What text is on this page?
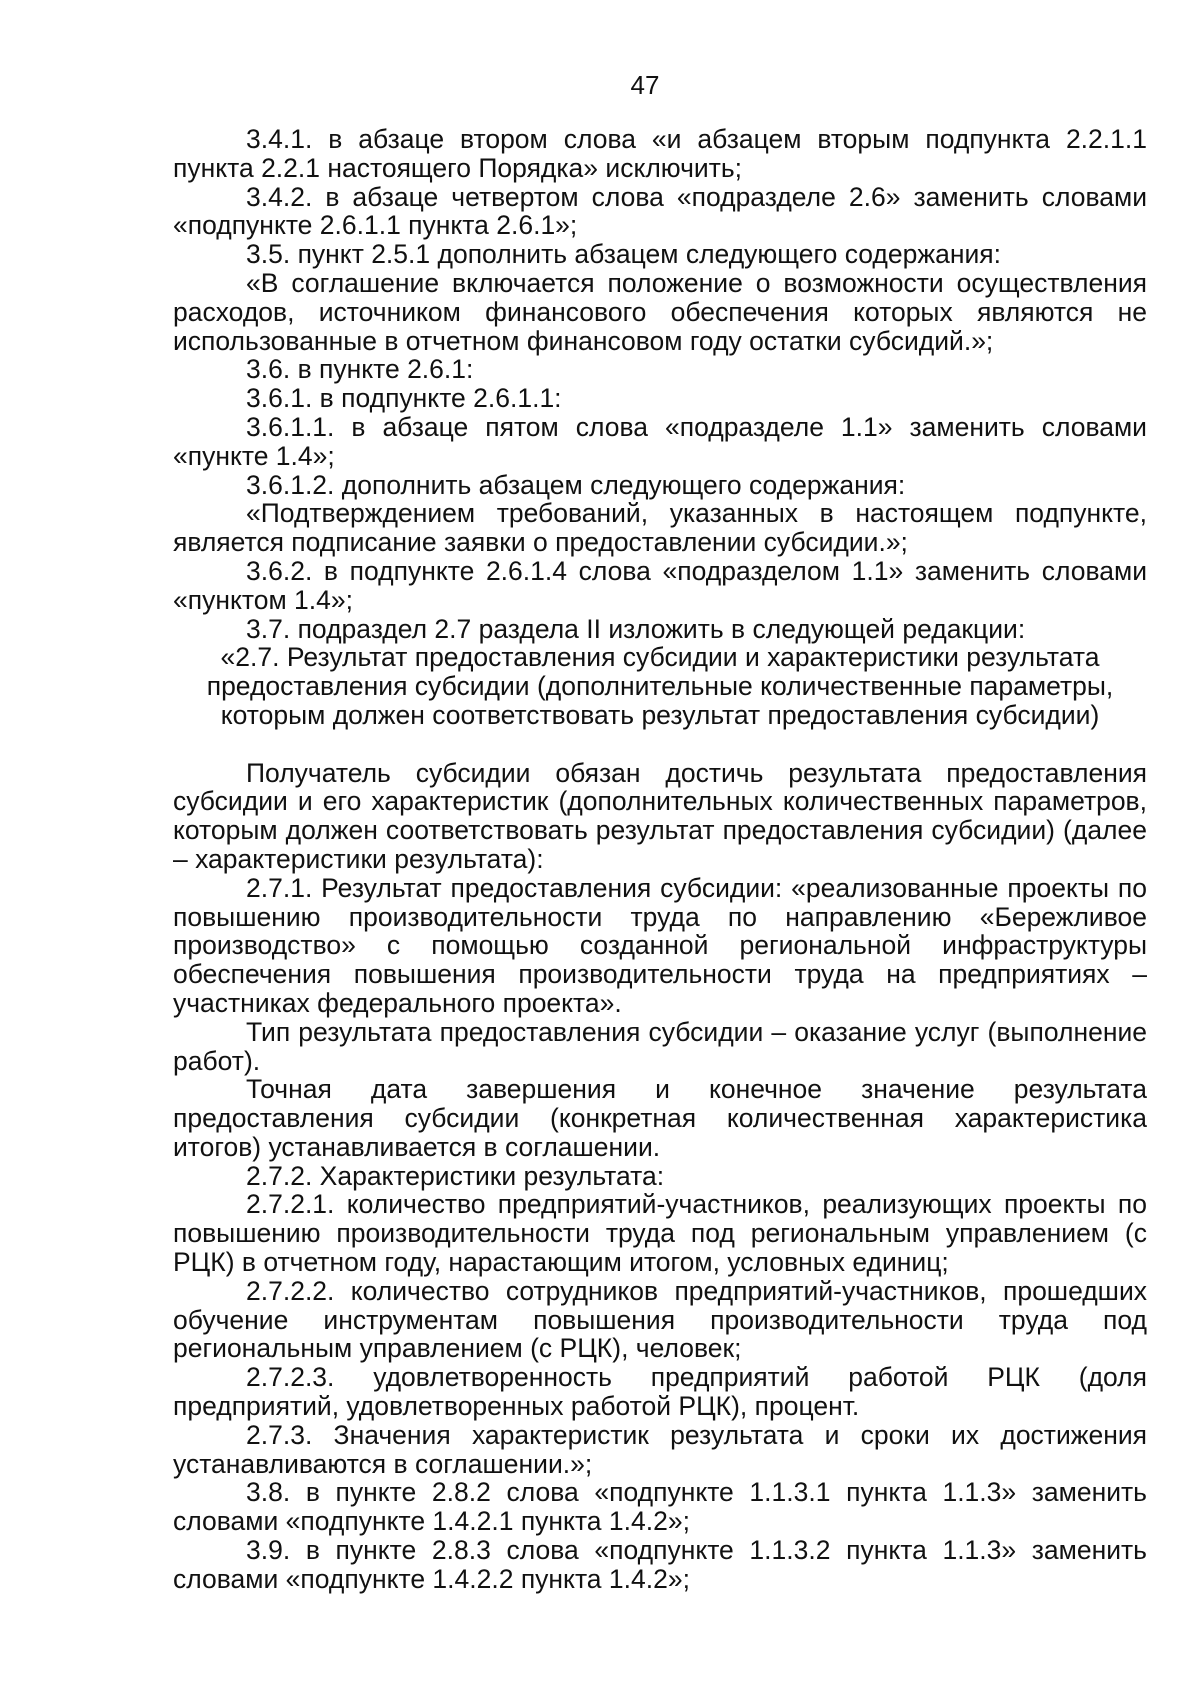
47

3.4.1. в абзаце втором слова «и абзацем вторым подпункта 2.2.1.1 пункта 2.2.1 настоящего Порядка» исключить;

3.4.2. в абзаце четвертом слова «подразделе 2.6» заменить словами «подпункте 2.6.1.1 пункта 2.6.1»;

3.5. пункт 2.5.1 дополнить абзацем следующего содержания:

«В соглашение включается положение о возможности осуществления расходов, источником финансового обеспечения которых являются не использованные в отчетном финансовом году остатки субсидий.»;

3.6. в пункте 2.6.1:

3.6.1. в подпункте 2.6.1.1:

3.6.1.1. в абзаце пятом слова «подразделе 1.1» заменить словами «пункте 1.4»;

3.6.1.2. дополнить абзацем следующего содержания:

«Подтверждением требований, указанных в настоящем подпункте, является подписание заявки о предоставлении субсидии.»;

3.6.2. в подпункте 2.6.1.4 слова «подразделом 1.1» заменить словами «пунктом 1.4»;

3.7. подраздел 2.7 раздела II изложить в следующей редакции:

«2.7. Результат предоставления субсидии и характеристики результата
предоставления субсидии (дополнительные количественные параметры,
которым должен соответствовать результат предоставления субсидии)

Получатель субсидии обязан достичь результата предоставления субсидии и его характеристик (дополнительных количественных параметров, которым должен соответствовать результат предоставления субсидии) (далее – характеристики результата):

2.7.1. Результат предоставления субсидии: «реализованные проекты по повышению производительности труда по направлению «Бережливое производство» с помощью созданной региональной инфраструктуры обеспечения повышения производительности труда на предприятиях – участниках федерального проекта».

Тип результата предоставления субсидии – оказание услуг (выполнение работ).

Точная дата завершения и конечное значение результата предоставления субсидии (конкретная количественная характеристика итогов) устанавливается в соглашении.

2.7.2. Характеристики результата:

2.7.2.1. количество предприятий-участников, реализующих проекты по повышению производительности труда под региональным управлением (с РЦК) в отчетном году, нарастающим итогом, условных единиц;

2.7.2.2. количество сотрудников предприятий-участников, прошедших обучение инструментам повышения производительности труда под региональным управлением (с РЦК), человек;

2.7.2.3. удовлетворенность предприятий работой РЦК (доля предприятий, удовлетворенных работой РЦК), процент.

2.7.3. Значения характеристик результата и сроки их достижения устанавливаются в соглашении.»;

3.8. в пункте 2.8.2 слова «подпункте 1.1.3.1 пункта 1.1.3» заменить словами «подпункте 1.4.2.1 пункта 1.4.2»;

3.9. в пункте 2.8.3 слова «подпункте 1.1.3.2 пункта 1.1.3» заменить словами «подпункте 1.4.2.2 пункта 1.4.2»;
